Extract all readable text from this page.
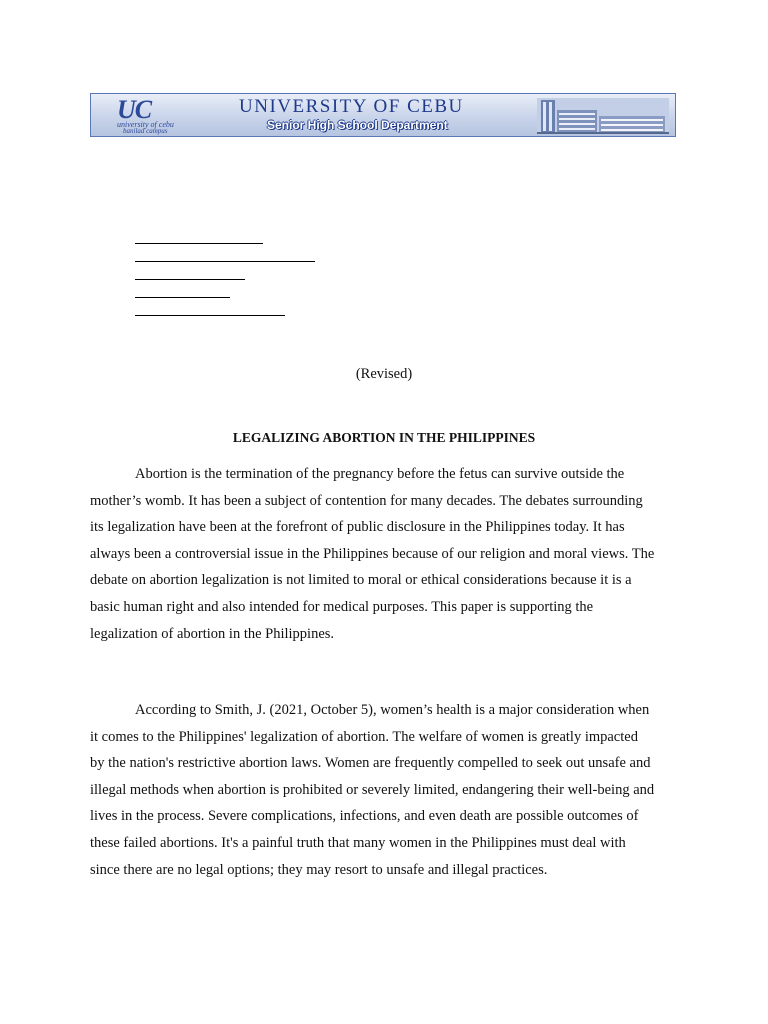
UC
university of cebu
banilad campus
UNIVERSITY OF CEBU
Senior High School Department
(Revised)
LEGALIZING ABORTION IN THE PHILIPPINES
Abortion is the termination of the pregnancy before the fetus can survive outside the
mother’s womb. It has been a subject of contention for many decades. The debates surrounding
its legalization have been at the forefront of public disclosure in the Philippines today. It has
always been a controversial issue in the Philippines because of our religion and moral views. The
debate on abortion legalization is not limited to moral or ethical considerations because it is a
basic human right and also intended for medical purposes. This paper is supporting the
legalization of abortion in the Philippines.
According to Smith, J. (2021, October 5), women’s health is a major consideration when
it comes to the Philippines' legalization of abortion. The welfare of women is greatly impacted
by the nation's restrictive abortion laws. Women are frequently compelled to seek out unsafe and
illegal methods when abortion is prohibited or severely limited, endangering their well-being and
lives in the process. Severe complications, infections, and even death are possible outcomes of
these failed abortions. It's a painful truth that many women in the Philippines must deal with
since there are no legal options; they may resort to unsafe and illegal practices.
